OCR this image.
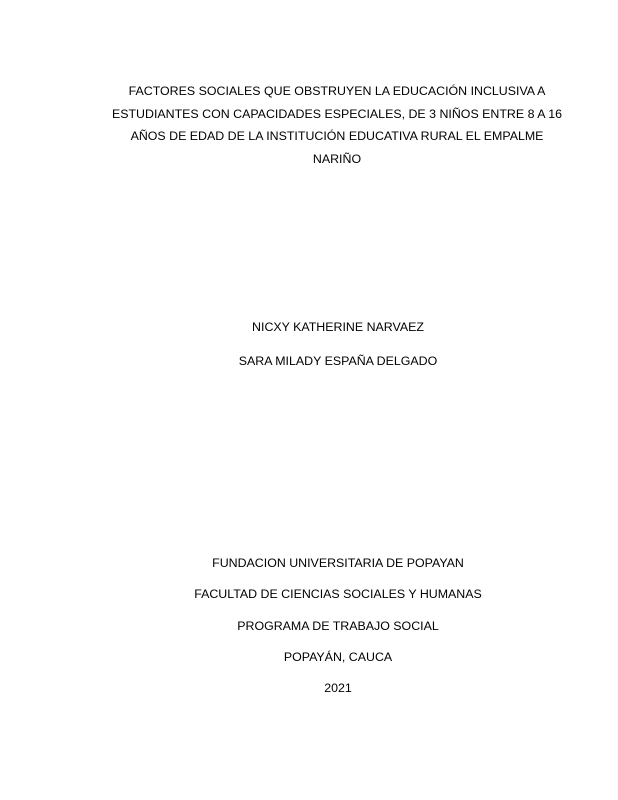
FACTORES SOCIALES QUE OBSTRUYEN LA EDUCACIÓN INCLUSIVA A
ESTUDIANTES CON CAPACIDADES ESPECIALES, DE 3 NIÑOS ENTRE 8 A 16
AÑOS DE EDAD DE LA INSTITUCIÓN EDUCATIVA RURAL EL EMPALME
NARIÑO
NICXY KATHERINE NARVAEZ
SARA MILADY ESPAÑA DELGADO
FUNDACION UNIVERSITARIA DE POPAYAN
FACULTAD DE CIENCIAS SOCIALES Y HUMANAS
PROGRAMA DE TRABAJO SOCIAL
POPAYÁN, CAUCA
2021
